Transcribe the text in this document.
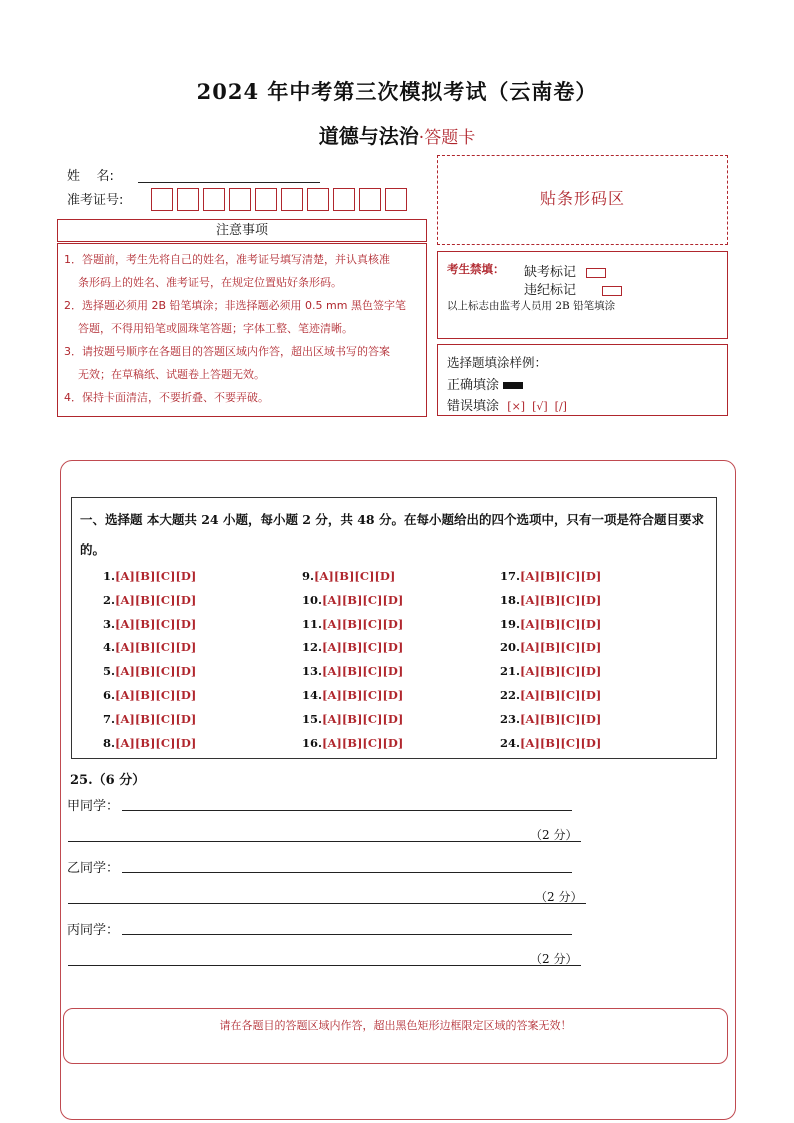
2024 年中考第三次模拟考试（云南卷）
道德与法治·答题卡
姓    名:
准考证号:
注意事项

1．答题前，考生先将自己的姓名，准考证号填写清楚，并认真核准

条形码上的姓名、准考证号，在规定位置贴好条形码。

2．选择题必须用 2B 铅笔填涂；非选择题必须用 0.5 mm 黑色签字笔

答题，不得用铅笔或圆珠笔答题；字体工整、笔迹清晰。

3．请按题号顺序在各题目的答题区域内作答，超出区域书写的答案

无效；在草稿纸、试题卷上答题无效。

4．保持卡面清洁，不要折叠、不要弄破。

贴条形码区
考生禁填： 缺考标记
违纪标记
以上标志由监考人员用 2B 铅笔填涂
选择题填涂样例：
正确填涂
错误填涂 [×]  [√]  [/]
一、选择题 本大题共 24 小题，每小题 2 分，共 48 分。在每小题给出的四个选项中，只有一项是符合题目要求的。
1.[A][B][C][D]
2.[A][B][C][D]
3.[A][B][C][D]
4.[A][B][C][D]
5.[A][B][C][D]
6.[A][B][C][D]
7.[A][B][C][D]
8.[A][B][C][D]
9.[A][B][C][D]
10.[A][B][C][D]
11.[A][B][C][D]
12.[A][B][C][D]
13.[A][B][C][D]
14.[A][B][C][D]
15.[A][B][C][D]
16.[A][B][C][D]
17.[A][B][C][D]
18.[A][B][C][D]
19.[A][B][C][D]
20.[A][B][C][D]
21.[A][B][C][D]
22.[A][B][C][D]
23.[A][B][C][D]
24.[A][B][C][D]
25.（6 分）
甲同学：
（2 分）
乙同学：
（2 分）
丙同学：
（2 分）
请在各题目的答题区域内作答，超出黑色矩形边框限定区域的答案无效！
